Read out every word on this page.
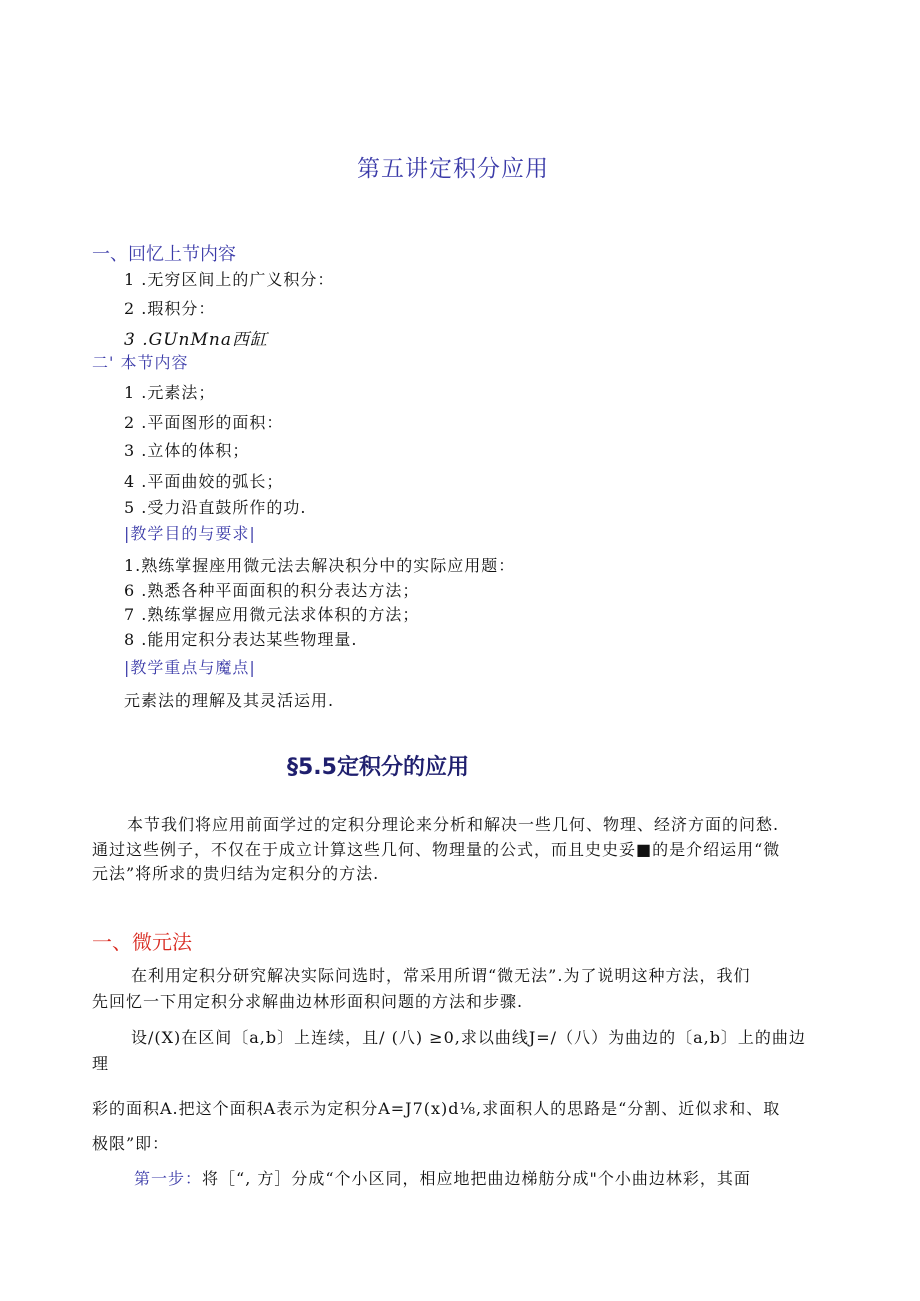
第五讲定积分应用
一、回忆上节内容
1 .无穷区间上的广义积分：
2 .瑕积分：
3 .GUnMna西缸
二' 本节内容
1 .元素法；
2 .平面图形的面积：
3 .立体的体积；
4 .平面曲姣的弧长；
5 .受力沿直鼓所作的功.
|教学目的与要求|
1.熟练掌握座用微元法去解决积分中的实际应用题：
6 .熟悉各种平面面积的积分表达方法；
7 .熟练掌握应用微元法求体积的方法；
8 .能用定积分表达某些物理量.
|教学重点与魔点|
元素法的理解及其灵活运用.
§5.5定积分的应用
本节我们将应用前面学过的定积分理论来分析和解决一些几何、物理、经济方面的问愁.
通过这些例子，不仅在于成立计算这些几何、物理量的公式，而且史史妥■的是介绍运用“微
元法”将所求的贵归结为定积分的方法.
一、微元法
在利用定积分研究解决实际问选时，常采用所谓“微无法”.为了说明这种方法，我们
先回忆一下用定积分求解曲边林形面积问题的方法和步骤.
设/(X)在区间〔a,b〕上连续，且/ (八) ≥0,求以曲线J=/（八）为曲边的〔a,b〕上的曲边
理
彩的面积A.把这个面积A表示为定积分A=J7(x)d⅛,求面积人的思路是“分割、近似求和、取
极限”即：
第一步：将［“, 方］分成“个小区同，相应地把曲边梯舫分成"个小曲边林彩，其面
